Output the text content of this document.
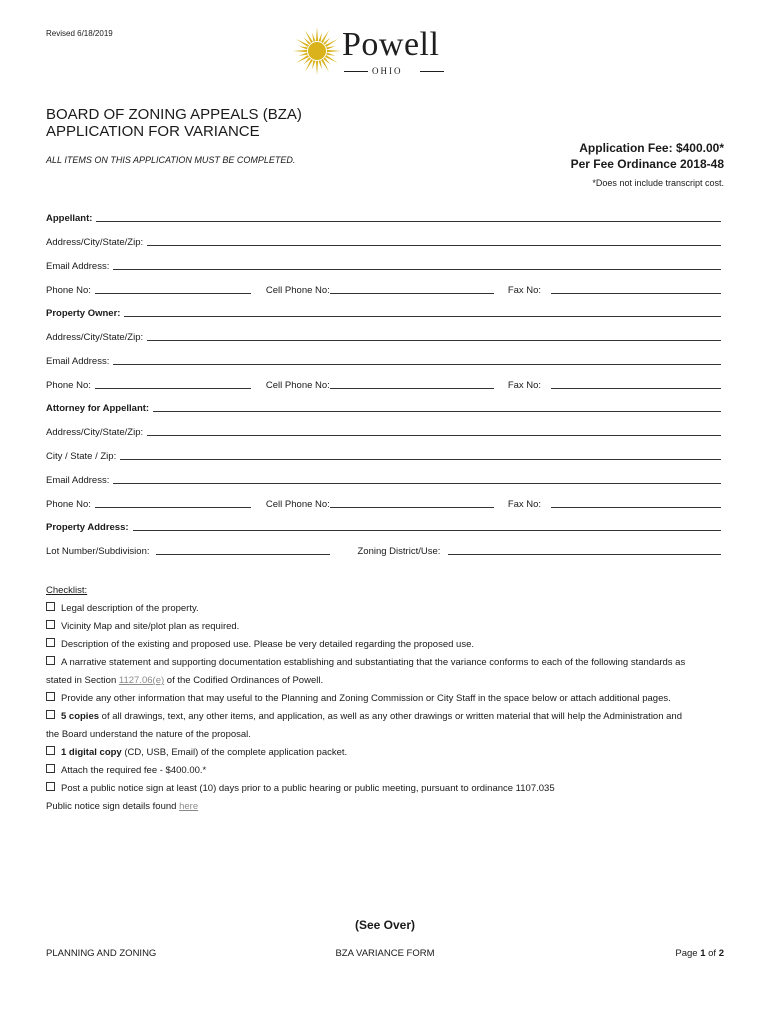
Revised 6/18/2019	Powell
OHIO
BOARD OF ZONING APPEALS (BZA)
APPLICATION FOR VARIANCE
ALL ITEMS ON THIS APPLICATION MUST BE COMPLETED.
Application Fee: $400.00*
Per Fee Ordinance 2018-48
*Does not include transcript cost.
Appellant:
Address/City/State/Zip:
Email Address:
Phone No:	Cell Phone No:	Fax No:
Property Owner:
Address/City/State/Zip:
Email Address:
Phone No:	Cell Phone No:	Fax No:
Attorney for Appellant:
Address/City/State/Zip:
City / State / Zip:
Email Address:
Phone No:	Cell Phone No:	Fax No:
Property Address:
Lot Number/Subdivision:	Zoning District/Use:
Checklist:
Legal description of the property.
Vicinity Map and site/plot plan as required.
Description of the existing and proposed use. Please be very detailed regarding the proposed use.
A narrative statement and supporting documentation establishing and substantiating that the variance conforms to each of the following standards as
stated in Section 1127.06(e) of the Codified Ordinances of Powell.
Provide any other information that may useful to the Planning and Zoning Commission or City Staff in the space below or attach additional pages.
5 copies of all drawings, text, any other items, and application, as well as any other drawings or written material that will help the Administration and
the Board understand the nature of the proposal.
1 digital copy (CD, USB, Email) of the complete application packet.
Attach the required fee - $400.00.*
Post a public notice sign at least (10) days prior to a public hearing or public meeting, pursuant to ordinance 1107.035
Public notice sign details found here
(See Over)
PLANNING AND ZONING	BZA VARIANCE FORM	Page 1 of 2
